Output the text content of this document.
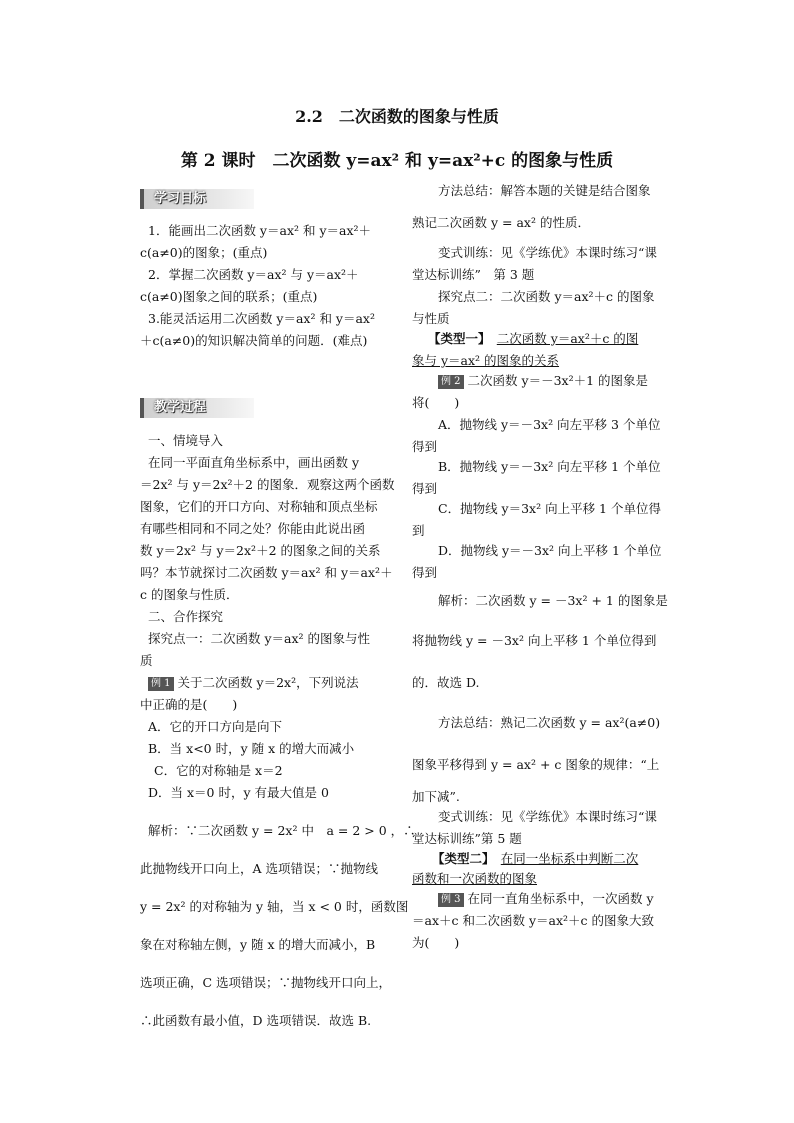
2.2　二次函数的图象与性质
第 2 课时　二次函数 y=ax² 和 y=ax²+c 的图象与性质
学习目标
1．能画出二次函数 y＝ax² 和 y＝ax²＋
c(a≠0)的图象；(重点)
2．掌握二次函数 y＝ax² 与 y＝ax²＋
c(a≠0)图象之间的联系；(重点)
3.能灵活运用二次函数 y＝ax² 和 y＝ax²
＋c(a≠0)的知识解决简单的问题．(难点)
教学过程
一、情境导入
在同一平面直角坐标系中，画出函数 y
＝2x² 与 y＝2x²＋2 的图象．观察这两个函数
图象，它们的开口方向、对称轴和顶点坐标
有哪些相同和不同之处？你能由此说出函
数 y＝2x² 与 y＝2x²＋2 的图象之间的关系
吗？本节就探讨二次函数 y＝ax² 和 y＝ax²＋
c 的图象与性质．
二、合作探究
探究点一：二次函数 y＝ax² 的图象与性
质
例 1 关于二次函数 y＝2x²，下列说法
中正确的是(　　)
A．它的开口方向是向下
B．当 x<0 时，y 随 x 的增大而减小
C．它的对称轴是 x＝2
D．当 x＝0 时，y 有最大值是 0
解析：∵二次函数 y = 2x² 中　a = 2 > 0 ，∴
此抛物线开口向上，A 选项错误；∵抛物线
y = 2x² 的对称轴为 y 轴，当 x < 0 时，函数图
象在对称轴左侧，y 随 x 的增大而减小，B
选项正确，C 选项错误；∵抛物线开口向上，
∴此函数有最小值，D 选项错误．故选 B.
方法总结：解答本题的关键是结合图象
熟记二次函数 y = ax² 的性质．
变式训练：见《学练优》本课时练习“课
堂达标训练”　第 3 题
探究点二：二次函数 y＝ax²＋c 的图象
与性质
【类型一】　 二次函数 y＝ax²＋c 的图
象与 y＝ax² 的图象的关系
例 2 二次函数 y＝－3x²＋1 的图象是
将(　　)
A．抛物线 y＝－3x² 向左平移 3 个单位
得到
B．抛物线 y＝－3x² 向左平移 1 个单位
得到
C．抛物线 y＝3x² 向上平移 1 个单位得
到
D．抛物线 y＝－3x² 向上平移 1 个单位
得到
解析：二次函数 y = －3x² + 1 的图象是
将抛物线 y = －3x² 向上平移 1 个单位得到
的．故选 D.
方法总结：熟记二次函数 y = ax²(a≠0)
图象平移得到 y = ax² + c 图象的规律：“上
加下减”.
变式训练：见《学练优》本课时练习“课
堂达标训练”第 5 题
【类型二】　 在同一坐标系中判断二次
函数和一次函数的图象
例 3 在同一直角坐标系中，一次函数 y
＝ax＋c 和二次函数 y＝ax²＋c 的图象大致
为(　　)
